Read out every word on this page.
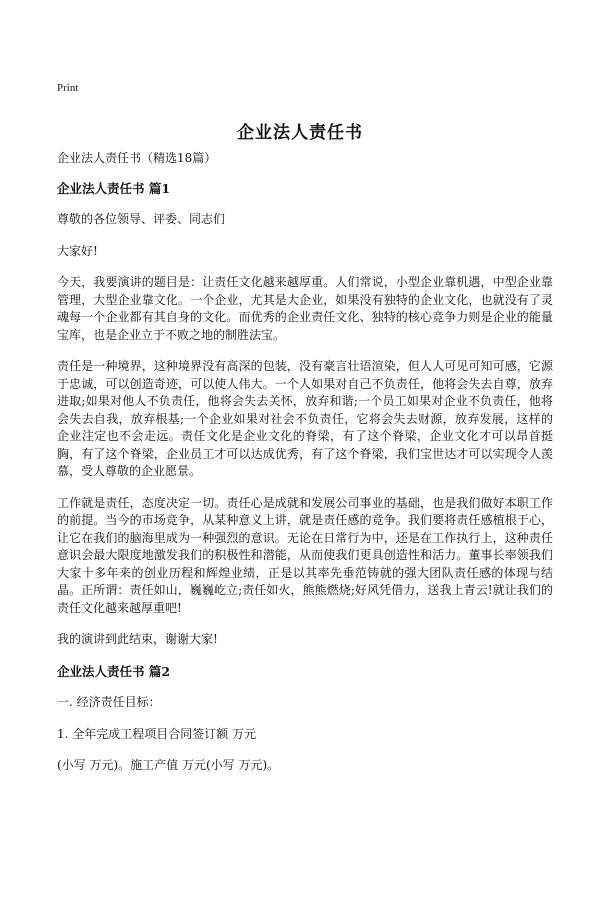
Print
企业法人责任书

企业法人责任书（精选18篇）

企业法人责任书 篇1

尊敬的各位领导、评委、同志们

大家好!

今天，我要演讲的题目是：让责任文化越来越厚重。人们常说，小型企业靠机遇，中型企业靠管理，大型企业靠文化。一个企业，尤其是大企业，如果没有独特的企业文化，也就没有了灵魂每一个企业都有其自身的文化。而优秀的企业责任文化、独特的核心竞争力则是企业的能量宝库，也是企业立于不败之地的制胜法宝。

责任是一种境界，这种境界没有高深的包装，没有豪言壮语渲染，但人人可见可知可感，它源于忠诚，可以创造奇迹，可以使人伟大。一个人如果对自己不负责任，他将会失去自尊，放弃进取;如果对他人不负责任，他将会失去关怀，放弃和谐;一个员工如果对企业不负责任，他将会失去自我，放弃根基;一个企业如果对社会不负责任，它将会失去财源，放弃发展，这样的企业注定也不会走远。责任文化是企业文化的脊梁，有了这个脊梁，企业文化才可以昂首挺胸，有了这个脊梁，企业员工才可以达成优秀，有了这个脊梁，我们宝世达才可以实现令人羡慕，受人尊敬的企业愿景。

工作就是责任，态度决定一切。责任心是成就和发展公司事业的基础，也是我们做好本职工作的前提。当今的市场竞争，从某种意义上讲，就是责任感的竞争。我们要将责任感植根于心，让它在我们的脑海里成为一种强烈的意识。无论在日常行为中，还是在工作执行上，这种责任意识会最大限度地激发我们的积极性和潜能，从而使我们更具创造性和活力。董事长率领我们大家十多年来的创业历程和辉煌业绩，正是以其率先垂范铸就的强大团队责任感的体现与结晶。正所谓：责任如山，巍巍屹立;责任如火，熊熊燃烧;好风凭借力，送我上青云!就让我们的责任文化越来越厚重吧!

我的演讲到此结束，谢谢大家!

企业法人责任书 篇2

一. 经济责任目标：

1. 全年完成工程项目合同签订额 万元

(小写 万元)。施工产值 万元(小写 万元)。
